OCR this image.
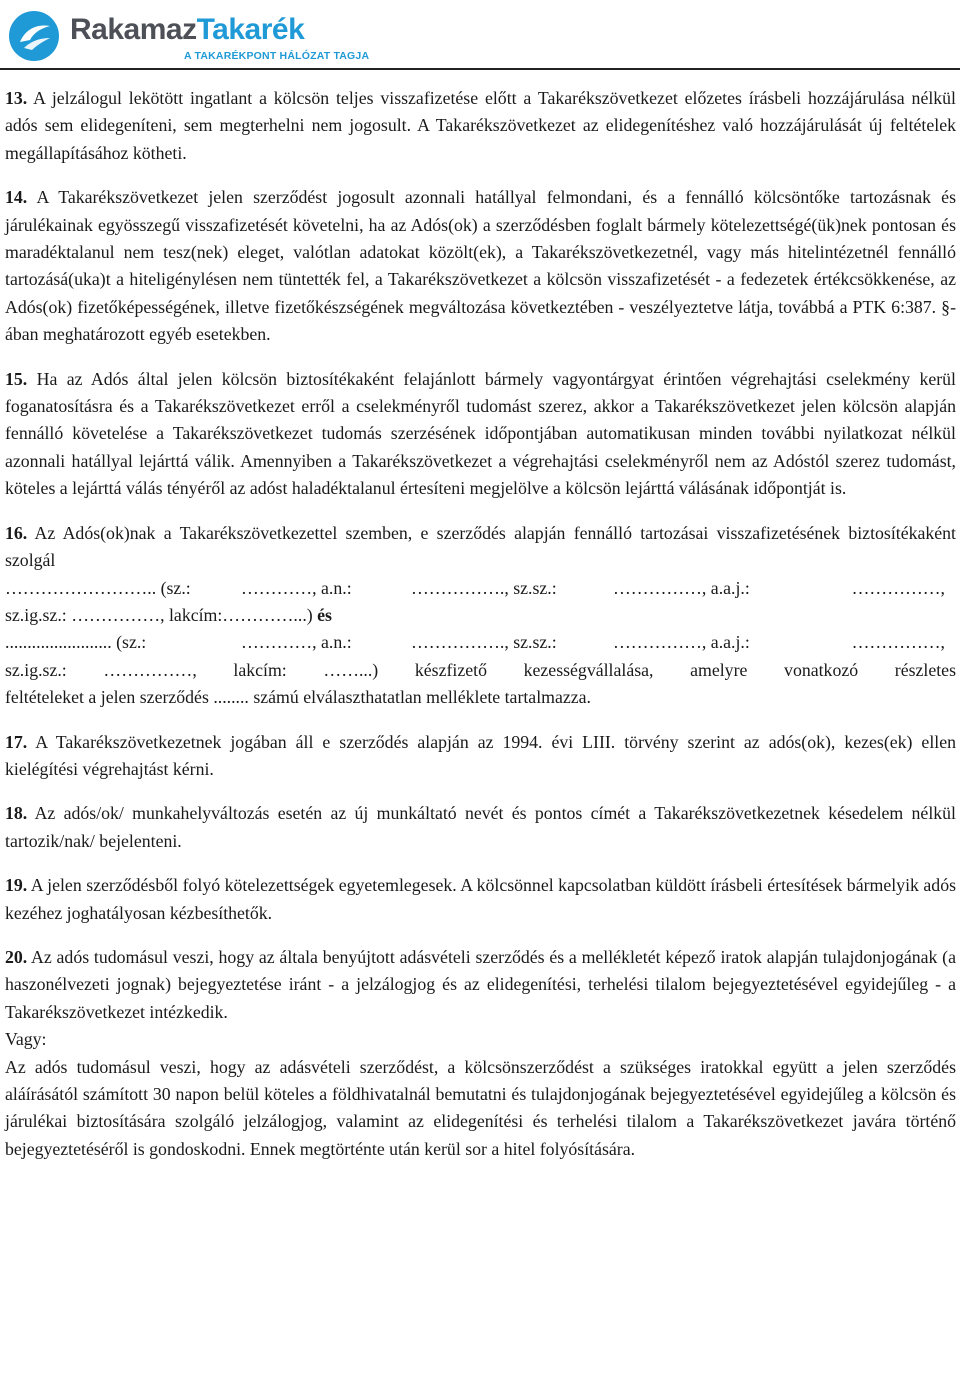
RakamazTakarék
A TAKARÉKPONT HÁLÓZAT TAGJA

13. A jelzálogul lekötött ingatlant a kölcsön teljes visszafizetése előtt a Takarékszövetkezet előzetes írásbeli hozzájárulása nélkül adós sem elidegeníteni, sem megterhelni nem jogosult. A Takarékszövetkezet az elidegenítéshez való hozzájárulását új feltételek megállapításához kötheti.

14. A Takarékszövetkezet jelen szerződést jogosult azonnali hatállyal felmondani, és a fennálló kölcsöntőke tartozásnak és járulékainak egyösszegű visszafizetését követelni, ha az Adós(ok) a szerződésben foglalt bármely kötelezettségé(ük)nek pontosan és maradéktalanul nem tesz(nek) eleget, valótlan adatokat közölt(ek), a Takarékszövetkezetnél, vagy más hitelintézetnél fennálló tartozásá(uka)t a hiteligénylésen nem tüntették fel, a Takarékszövetkezet a kölcsön visszafizetését - a fedezetek értékcsökkenése, az Adós(ok) fizetőképességének, illetve fizetőkészségének megváltozása következtében - veszélyeztetve látja, továbbá a PTK 6:387. §- ában meghatározott egyéb esetekben.

15. Ha az Adós által jelen kölcsön biztosítékaként felajánlott bármely vagyontárgyat érintően végrehajtási cselekmény kerül foganatosításra és a Takarékszövetkezet erről a cselekményről tudomást szerez, akkor a Takarékszövetkezet jelen kölcsön alapján fennálló követelése a Takarékszövetkezet tudomás szerzésének időpontjában automatikusan minden további nyilatkozat nélkül azonnali hatállyal lejárttá válik. Amennyiben a Takarékszövetkezet a végrehajtási cselekményről nem az Adóstól szerez tudomást, köteles a lejárttá válás tényéről az adóst haladéktalanul értesíteni megjelölve a kölcsön lejárttá válásának időpontját is.

16. Az Adós(ok)nak a Takarékszövetkezettel szemben, e szerződés alapján fennálló tartozásai visszafizetésének biztosítékaként szolgál
…………………….. (sz.:	…………, a.n.:	……………., sz.sz.:	……………, a.a.j.:	……………,
sz.ig.sz.: ……………, lakcím:…………...) és
........................ (sz.:	…………, a.n.:	……………., sz.sz.:	……………, a.a.j.:	……………,
sz.ig.sz.: ……………, lakcím: ……...) készfizető kezességvállalása, amelyre vonatkozó részletes
feltételeket a jelen szerződés ........ számú elválaszthatatlan melléklete tartalmazza.

17. A Takarékszövetkezetnek jogában áll e szerződés alapján az 1994. évi LIII. törvény szerint az adós(ok), kezes(ek) ellen kielégítési végrehajtást kérni.

18. Az adós/ok/ munkahelyváltozás esetén az új munkáltató nevét és pontos címét a Takarékszövetkezetnek késedelem nélkül tartozik/nak/ bejelenteni.

19. A jelen szerződésből folyó kötelezettségek egyetemlegesek. A kölcsönnel kapcsolatban küldött írásbeli értesítések bármelyik adós kezéhez joghatályosan kézbesíthetők.

20. Az adós tudomásul veszi, hogy az általa benyújtott adásvételi szerződés és a mellékletét képező iratok alapján tulajdonjogának (a haszonélvezeti jognak) bejegyeztetése iránt - a jelzálogjog és az elidegenítési, terhelési tilalom bejegyeztetésével egyidejűleg - a Takarékszövetkezet intézkedik.
Vagy:
Az adós tudomásul veszi, hogy az adásvételi szerződést, a kölcsönszerződést a szükséges iratokkal együtt a jelen szerződés aláírásától számított 30 napon belül köteles a földhivatalnál bemutatni és tulajdonjogának bejegyeztetésével egyidejűleg a kölcsön és járulékai biztosítására szolgáló jelzálogjog, valamint az elidegenítési és terhelési tilalom a Takarékszövetkezet javára történő bejegyeztetéséről is gondoskodni. Ennek megtörténte után kerül sor a hitel folyósítására.
